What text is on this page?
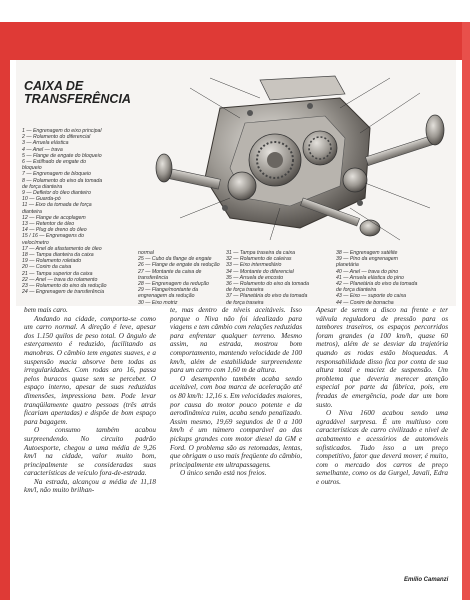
CAIXA DE
TRANSFERÊNCIA
1 — Engrenagem do eixo principal
2 — Rolamento do diferencial
3 — Arruela elástica
4 — Anel — trava
5 — Flange de engate do bloqueio
6 — Estilhado de engate do
bloqueio
7 — Engrenagem de bloqueio
8 — Rolamento do eixo da tomada
de força dianteira
9 — Defletor do óleo dianteiro
10 — Guarda-pó
11 — Eixo da tomada de força
dianteira
12 — Flange de acoplagem
13 — Retentor de óleo
14 — Plug de dreno do óleo
15 / 16 — Engrenagens do
velocímetro
17 — Anel de afastamento de óleo
18 — Tampa dianteira da caixa
19 — Rolamento roletado
20 — Coxim da caixa
21 — Tampa superior da caixa
22 — Anel — trava do rolamento
23 — Rolamento do eixo da redução
24 — Engrenagem de transferência
normal
25 — Cubo da flange de engate
26 — Flange de engate da redução
27 — Montante da caixa de
transferência
28 — Engrenagem da redução
29 — Flange/montante da
engrenagem da redução
30 — Eixo motriz
31 — Tampa traseira da caixa
32 — Rolamento de caleiras
33 — Eixo intermediário
34 — Montante do diferencial
35 — Arruela de encosto
36 — Rolamento do eixo da tomada
de força traseira
37 — Planetária do eixo da tomada
de força traseira
38 — Engrenagem satélite
39 — Pino da engrenagem
planetária
40 — Anel — trava do pino
41 — Arruela elástica do pino
42 — Planetária do eixo da tomada
de força dianteira
43 — Eixo — suporte do caixa
44 — Coxim de borracha

bem mais caro.

Andando na cidade, comporta-se como um carro normal. A direção é leve, apesar dos 1.150 quilos de peso total. O ângulo de esterçamento é reduzido, facilitando as manobras. O câmbio tem engates suaves, e a suspensão macia absorve bem todas as irregularidades. Com rodas aro 16, passa pelos buracos quase sem se perceber. O espaço interno, apesar de suas reduzidas dimensões, impressiona bem. Pode levar tranqüilamente quatro pessoas (três atrás ficariam apertadas) e dispõe de bom espaço para bagagem.

O consumo também acabou surpreendendo. No circuito padrão Autoesporte, chegou a uma média de 9,26 km/l na cidade, valor muito bom, principalmente se consideradas suas características de veículo fora-de-estrada.

Na estrada, alcançou a média de 11,18 km/l, não muito brilhan-

te, mas dentro de níveis aceitáveis. Isso porque o Niva não foi idealizado para viagens e tem câmbio com relações reduzidas para enfrentar qualquer terreno. Mesmo assim, na estrada, mostrou bom comportamento, mantendo velocidade de 100 km/h, além de estabilidade surpreendente para um carro com 1,60 m de altura.

O desempenho também acaba sendo aceitável, com boa marca de aceleração até os 80 km/h: 12,16 s. Em velocidades maiores, por causa do motor pouco potente e da aerodinâmica ruim, acaba sendo penalizado. Assim mesmo, 19,69 segundos de 0 a 100 km/h é um número comparável ao das pickups grandes com motor diesel da GM e Ford. O problema são as retomadas, lentas, que obrigam o uso mais freqüente do câmbio, principalmente em ultrapassagens.

O único senão está nos freios.

Apesar de serem a disco na frente e ter válvula reguladora de pressão para os tambores traseiros, os espaços percorridos foram grandes (a 100 km/h, quase 60 metros), além de se desviar da trajetória quando as rodas estão bloqueadas. A responsabilidade disso fica por conta de sua altura total e maciez de suspensão. Um problema que deveria merecer atenção especial por parte da fábrica, pois, em freadas de emergência, pode dar um bom susto.

O Niva 1600 acabou sendo uma agradável surpresa. É um multiuso com características de carro civilizado e nível de acabamento e acessórios de automóveis sofisticados. Tudo isso a um preço competitivo, fator que deverá mover, é muito, com o mercado dos carros de preço semelhante, como os da Gurgel, Javali, Edra e outros.

Emílio Camanzi
37
